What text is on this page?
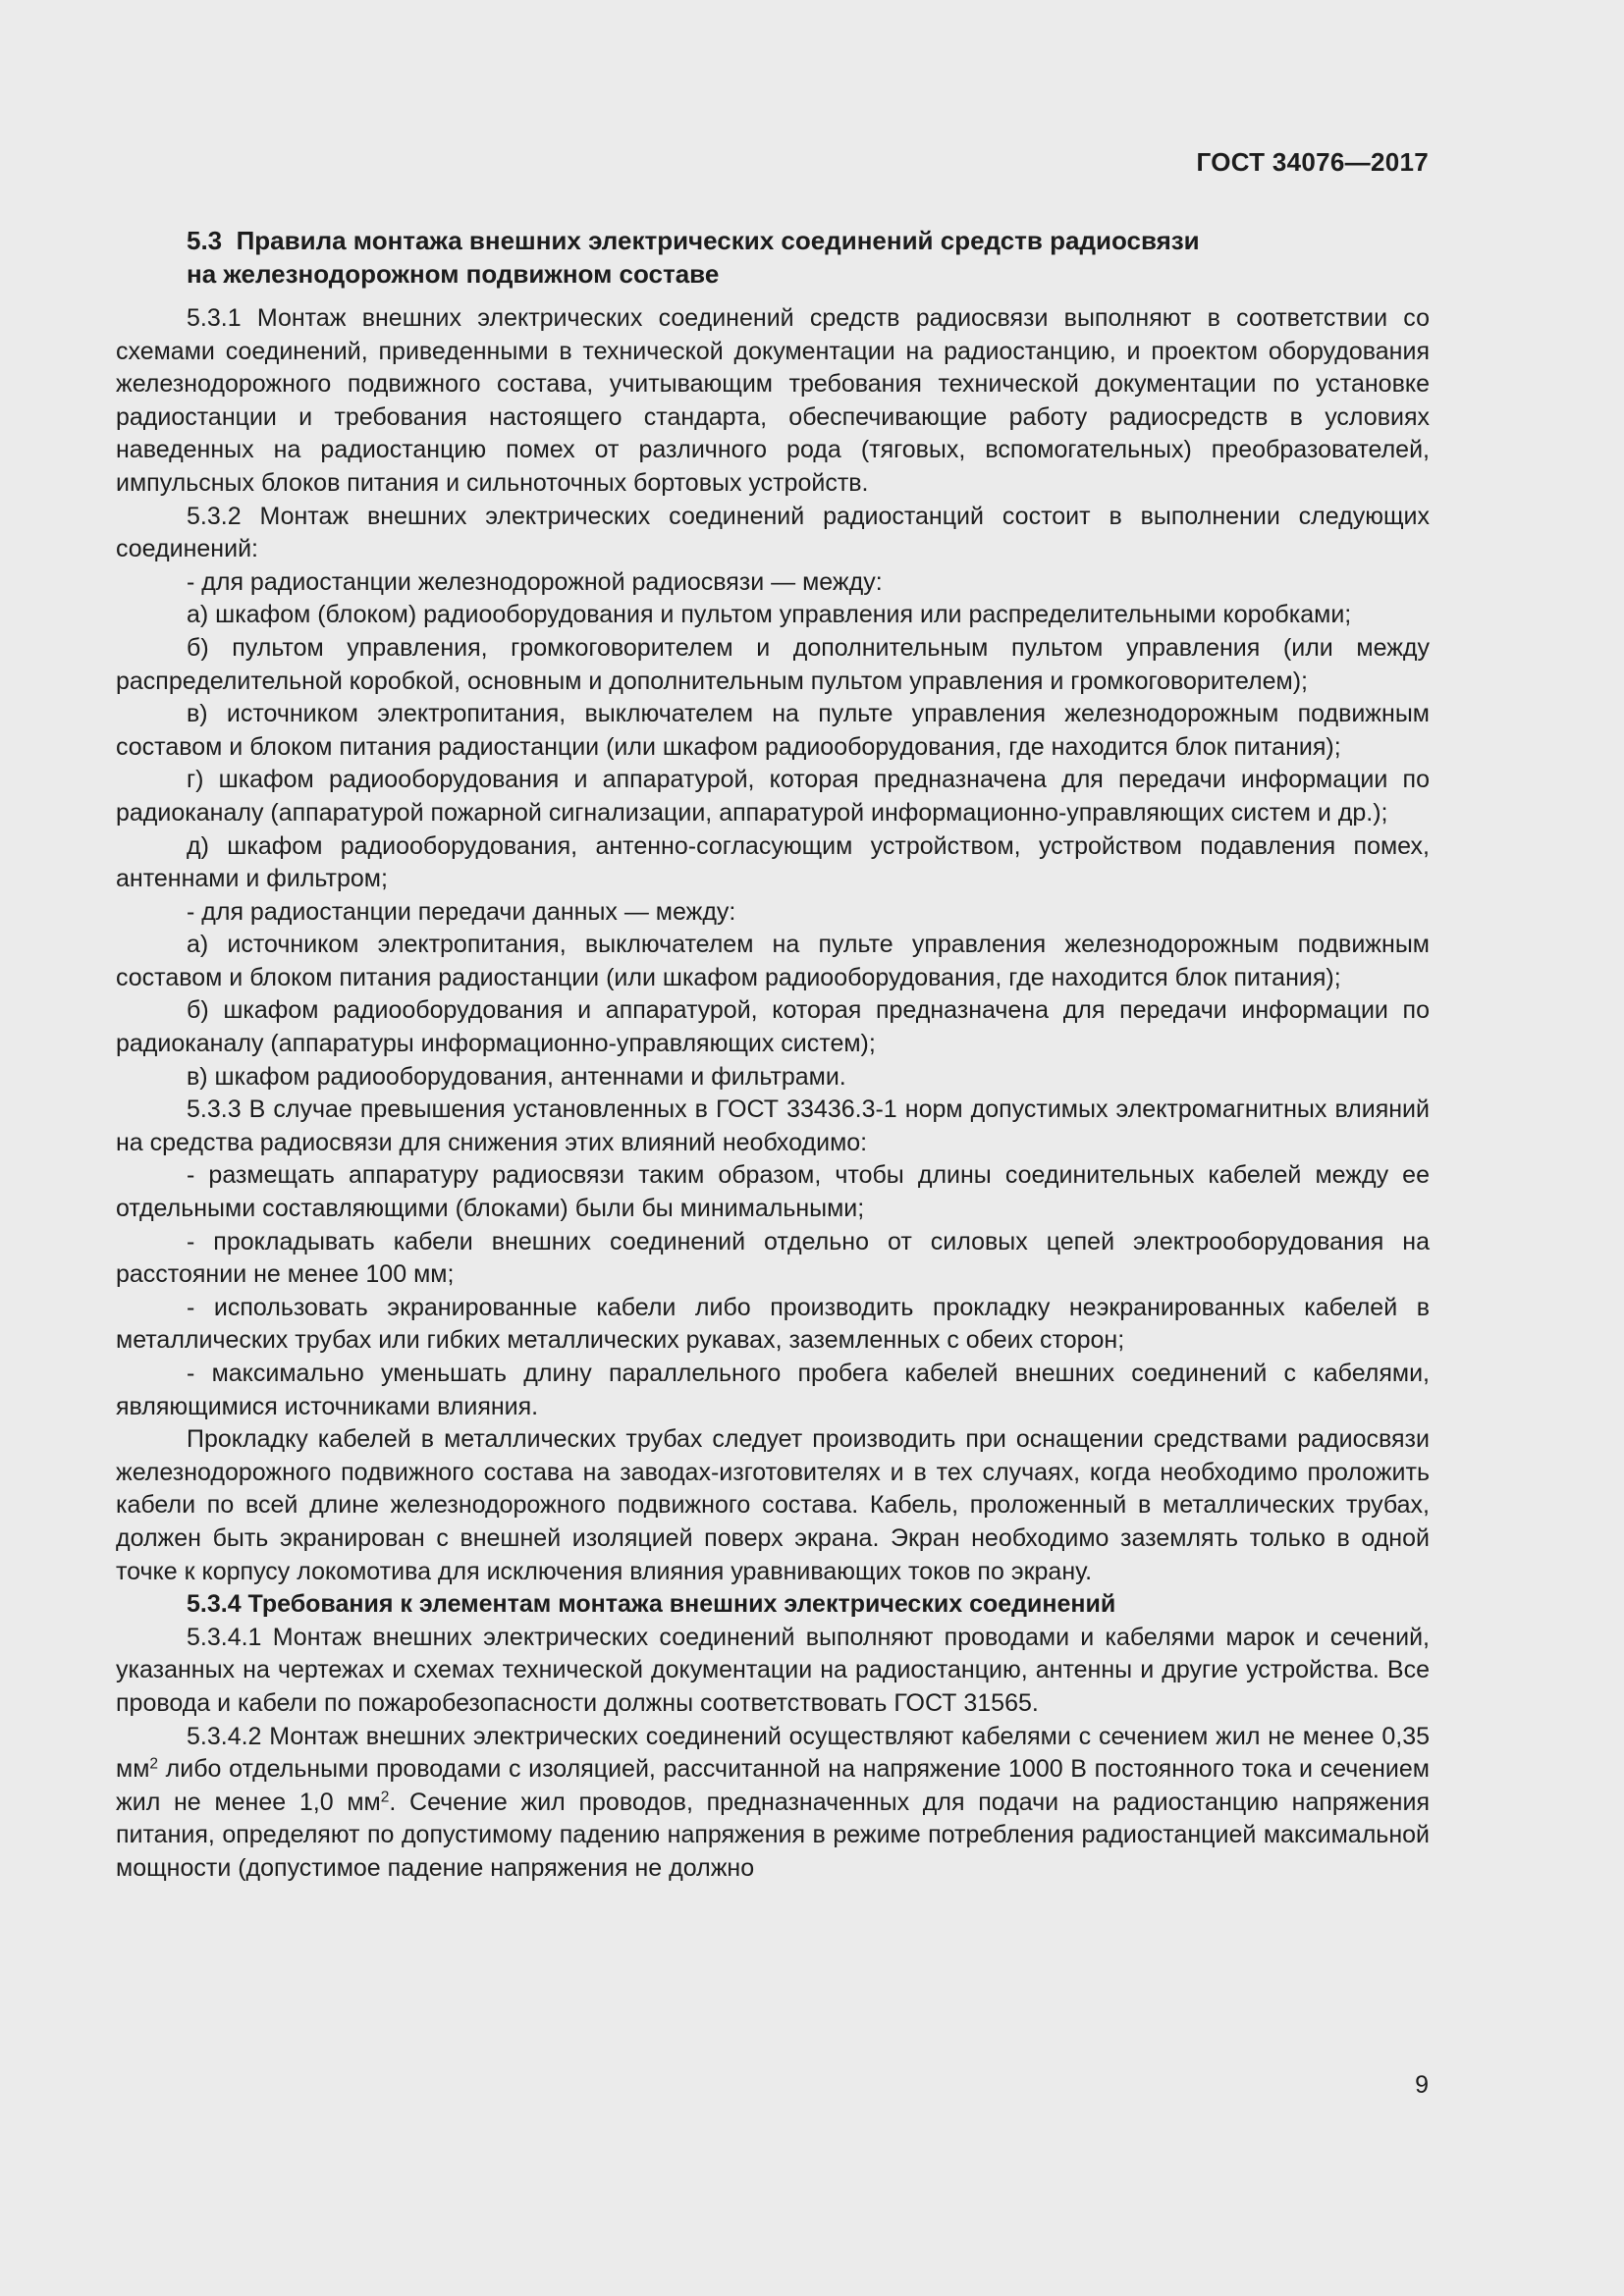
ГОСТ 34076—2017
5.3 Правила монтажа внешних электрических соединений средств радиосвязи
на железнодорожном подвижном составе

5.3.1 Монтаж внешних электрических соединений средств радиосвязи выполняют в соответствии со схемами соединений, приведенными в технической документации на радиостанцию, и проектом оборудования железнодорожного подвижного состава, учитывающим требования технической документации по установке радиостанции и требования настоящего стандарта, обеспечивающие работу радиосредств в условиях наведенных на радиостанцию помех от различного рода (тяговых, вспомогательных) преобразователей, импульсных блоков питания и сильноточных бортовых устройств.

5.3.2 Монтаж внешних электрических соединений радиостанций состоит в выполнении следующих соединений:

- для радиостанции железнодорожной радиосвязи — между:

а) шкафом (блоком) радиооборудования и пультом управления или распределительными коробками;

б) пультом управления, громкоговорителем и дополнительным пультом управления (или между распределительной коробкой, основным и дополнительным пультом управления и громкоговорителем);

в) источником электропитания, выключателем на пульте управления железнодорожным подвижным составом и блоком питания радиостанции (или шкафом радиооборудования, где находится блок питания);

г) шкафом радиооборудования и аппаратурой, которая предназначена для передачи информации по радиоканалу (аппаратурой пожарной сигнализации, аппаратурой информационно-управляющих систем и др.);

д) шкафом радиооборудования, антенно-согласующим устройством, устройством подавления помех, антеннами и фильтром;

- для радиостанции передачи данных — между:

а) источником электропитания, выключателем на пульте управления железнодорожным подвижным составом и блоком питания радиостанции (или шкафом радиооборудования, где находится блок питания);

б) шкафом радиооборудования и аппаратурой, которая предназначена для передачи информации по радиоканалу (аппаратуры информационно-управляющих систем);

в) шкафом радиооборудования, антеннами и фильтрами.

5.3.3 В случае превышения установленных в ГОСТ 33436.3-1 норм допустимых электромагнитных влияний на средства радиосвязи для снижения этих влияний необходимо:

- размещать аппаратуру радиосвязи таким образом, чтобы длины соединительных кабелей между ее отдельными составляющими (блоками) были бы минимальными;

- прокладывать кабели внешних соединений отдельно от силовых цепей электрооборудования на расстоянии не менее 100 мм;

- использовать экранированные кабели либо производить прокладку неэкранированных кабелей в металлических трубах или гибких металлических рукавах, заземленных с обеих сторон;

- максимально уменьшать длину параллельного пробега кабелей внешних соединений с кабелями, являющимися источниками влияния.

Прокладку кабелей в металлических трубах следует производить при оснащении средствами радиосвязи железнодорожного подвижного состава на заводах-изготовителях и в тех случаях, когда необходимо проложить кабели по всей длине железнодорожного подвижного состава. Кабель, проложенный в металлических трубах, должен быть экранирован с внешней изоляцией поверх экрана. Экран необходимо заземлять только в одной точке к корпусу локомотива для исключения влияния уравнивающих токов по экрану.

5.3.4 Требования к элементам монтажа внешних электрических соединений

5.3.4.1 Монтаж внешних электрических соединений выполняют проводами и кабелями марок и сечений, указанных на чертежах и схемах технической документации на радиостанцию, антенны и другие устройства. Все провода и кабели по пожаробезопасности должны соответствовать ГОСТ 31565.

5.3.4.2 Монтаж внешних электрических соединений осуществляют кабелями с сечением жил не менее 0,35 $мм^2$ либо отдельными проводами с изоляцией, рассчитанной на напряжение 1000 В постоянного тока и сечением жил не менее 1,0 $мм^2$. Сечение жил проводов, предназначенных для подачи на радиостанцию напряжения питания, определяют по допустимому падению напряжения в режиме потребления радиостанцией максимальной мощности (допустимое падение напряжения не должно

9
